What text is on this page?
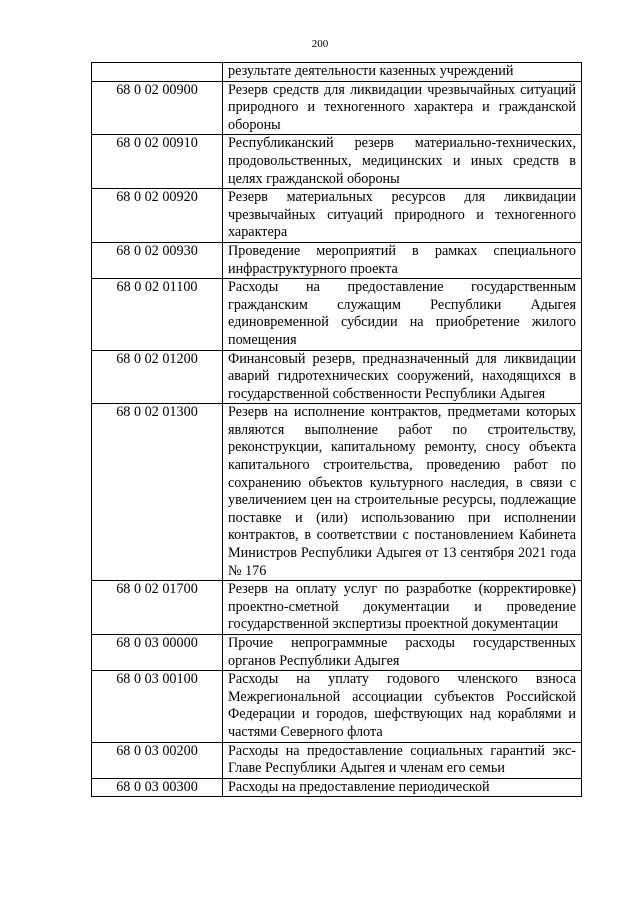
200
	результате деятельности казенных учреждений
68 0 02 00900	Резерв средств для ликвидации чрезвычайных ситуаций природного и техногенного характера и гражданской обороны
68 0 02 00910	Республиканский резерв материально-технических, продовольственных, медицинских и иных средств в целях гражданской обороны
68 0 02 00920	Резерв материальных ресурсов для ликвидации чрезвычайных ситуаций природного и техногенного характера
68 0 02 00930	Проведение мероприятий в рамках специального инфраструктурного проекта
68 0 02 01100	Расходы на предоставление государственным гражданским служащим Республики Адыгея единовременной субсидии на приобретение жилого помещения
68 0 02 01200	Финансовый резерв, предназначенный для ликвидации аварий гидротехнических сооружений, находящихся в государственной собственности Республики Адыгея
68 0 02 01300	Резерв на исполнение контрактов, предметами которых являются выполнение работ по строительству, реконструкции, капитальному ремонту, сносу объекта капитального строительства, проведению работ по сохранению объектов культурного наследия, в связи с увеличением цен на строительные ресурсы, подлежащие поставке и (или) использованию при исполнении контрактов, в соответствии с постановлением Кабинета Министров Республики Адыгея от 13 сентября 2021 года № 176
68 0 02 01700	Резерв на оплату услуг по разработке (корректировке) проектно-сметной документации и проведение государственной экспертизы проектной документации
68 0 03 00000	Прочие непрограммные расходы государственных органов Республики Адыгея
68 0 03 00100	Расходы на уплату годового членского взноса Межрегиональной ассоциации субъектов Российской Федерации и городов, шефствующих над кораблями и частями Северного флота
68 0 03 00200	Расходы на предоставление социальных гарантий экс-Главе Республики Адыгея и членам его семьи
68 0 03 00300	Расходы на предоставление периодической
